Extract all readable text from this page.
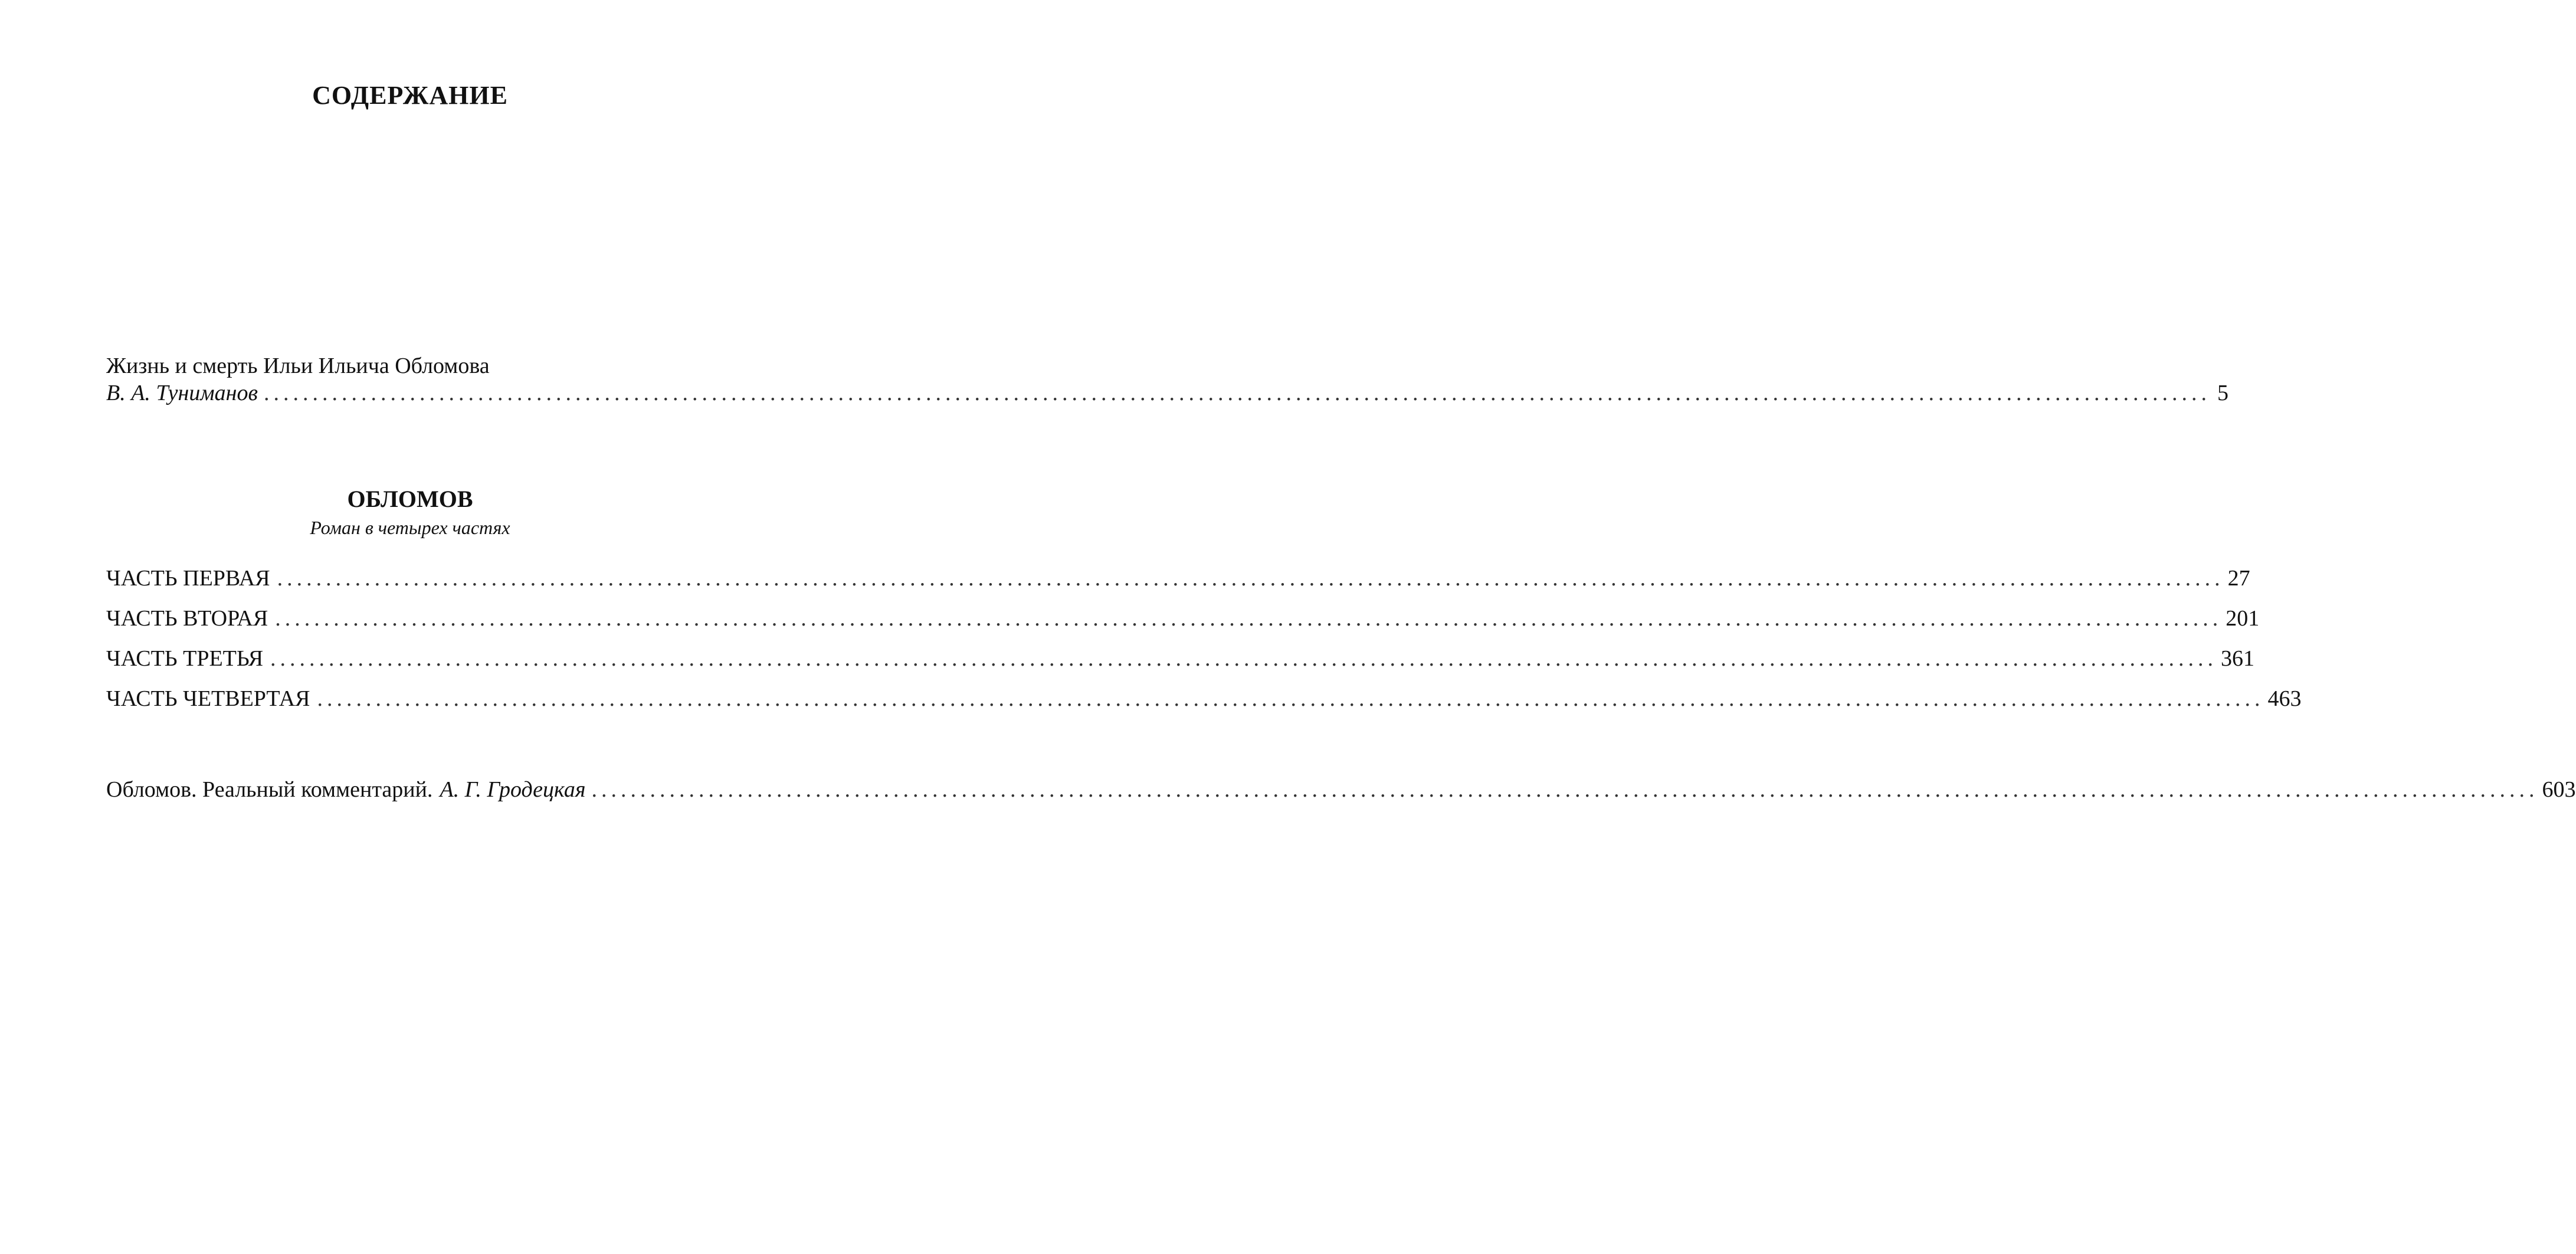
СОДЕРЖАНИЕ
Жизнь и смерть Ильи Ильича Обломова
В. А. Туниманов ........................................................................................................................................................................................................ 5
ОБЛОМОВ
Роман в четырех частях
ЧАСТЬ ПЕРВАЯ ........................................................................................................................................................................................................ 27
ЧАСТЬ ВТОРАЯ ........................................................................................................................................................................................................ 201
ЧАСТЬ ТРЕТЬЯ ........................................................................................................................................................................................................ 361
ЧАСТЬ ЧЕТВЕРТАЯ ........................................................................................................................................................................................................ 463
Обломов. Реальный комментарий. А. Г. Гродецкая ........................................................................................................................................................................................................ 603
